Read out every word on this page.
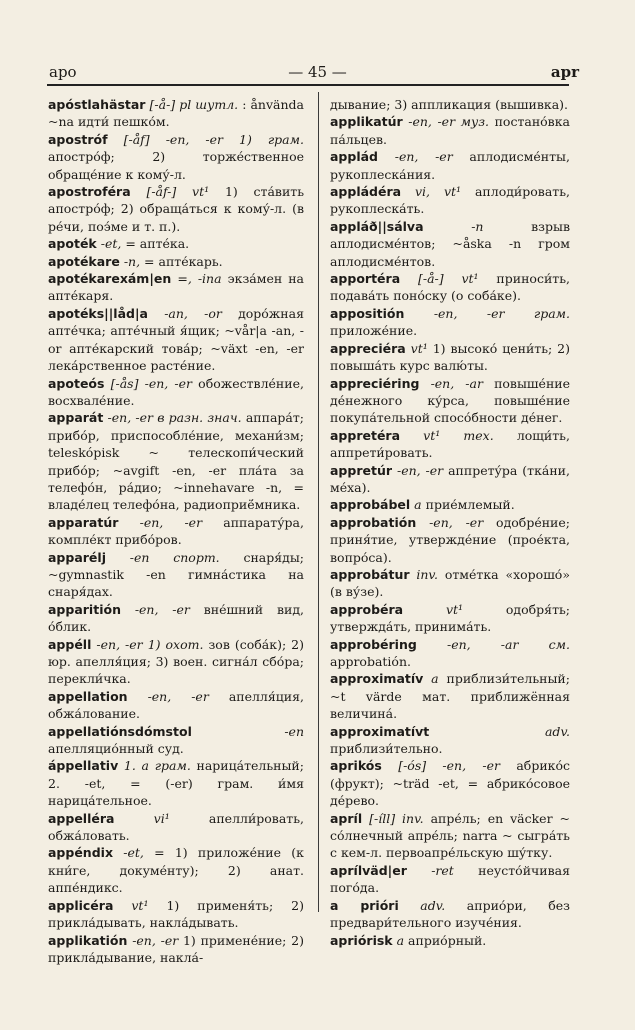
apo	— 45 —	apr

apóstlahästar [-å-] pl шутл. : ånvända ~na идти́ пешко́м.

apostróf [-åf] -en, -er 1) грам. апостро́ф; 2) торже́ственное обраще́ние к кому́-л.

apostroféra [-åf-] vt¹ 1) ста́вить апостро́ф; 2) обраща́ться к кому́-л. (в ре́чи, поэ́ме и т. п.).

apoték -et, = апте́ка.

apotékare -n, = апте́карь.

apotékarexám|en =, -ina экза́мен на апте́каря.

apotéks||låd|a -an, -or доро́жная апте́чка; апте́чный я́щик; ~vår|a -an, -or апте́карский това́р; ~växt -en, -er лека́рственное расте́ние.

apoteós [-ås] -en, -er обожествле́ние, восхвале́ние.

apparát -en, -er в разн. знач. аппара́т; прибо́р, приспособле́ние, механи́зм; teleskópisk ~ телескопи́ческий прибо́р; ~avgift -en, -er пла́та за телефо́н, ра́дио; ~innehavare -n, = владе́лец телефо́на, радиоприё́мника.

apparatúr -en, -er аппарату́ра, компле́кт прибо́ров.

apparélj -en спорт. снаря́ды; ~gymnastik -en гимна́стика на снаря́дах.

apparitión -en, -er вне́шний вид, о́блик.

appéll -en, -er 1) охот. зов (соба́к); 2) юр. апелля́ция; 3) воен. сигна́л сбо́ра; перекли́чка.

appellation -en, -er апелля́ция, обжа́лование.

appellatiónsdómstol	-en апелляцио́нный суд.

áppellativ 1. a грам. нарица́тельный; 2. -et, = (-er) грам. и́мя нарица́тельное.

appelléra	vi¹	апелли́ровать, обжа́ловать.

appéndix -et, = 1) приложе́ние (к кни́ге, докуме́нту); 2) анат. аппе́ндикс.

applicéra vt¹ 1) применя́ть; 2) прикла́дывать, накла́дывать.

applikatión -en, -er 1) примене́ние; 2) прикла́дывание, накла́-

дывание; 3) аппликация (вышивка).

applikatúr -en, -er муз. постано́вка па́льцев.

applád -en, -er аплодисме́нты, рукоплеска́ния.

appládéra vi, vt¹ аплоди́ровать, рукоплеска́ть.

appláð||sálva	-n	взрыв аплодисме́нтов; ~åska -n гром аплодисме́нтов.

apportéra [-å-] vt¹ приноси́ть, подава́ть поно́ску (о соба́ке).

appositión -en, -er грам. приложе́ние.

appreciéra vt¹ 1) высоко́ цени́ть; 2) повыша́ть курс валю́ты.

appreciéring -en, -ar повыше́ние де́нежного ку́рса, повыше́ние покупа́тельной спосо́бности де́нег.

appretéra vt¹ тех. лощи́ть, аппрети́ровать.

appretúr -en, -er аппрету́ра (тка́ни, ме́ха).

approbábel a прие́млемый.

approbatión -en, -er одобре́ние; приня́тие, утвержде́ние (прое́кта, вопро́са).

approbátur inv. отме́тка «хорошо́» (в ву́зе).

approbéra	vt¹	одобря́ть; утвержда́ть, принима́ть.

approbéring -en, -ar см. approbatión.

approximatív a приблизи́тельный; ~t värde мат. приближённая величина́.

approximatívt	adv. приблизи́тельно.

aprikós [-ós] -en, -er абрико́с (фрукт); ~träd -et, = абрико́совое де́рево.

apríl [-íll] inv. апре́ль; en väcker ~ со́лнечный апре́ль; narra ~ сыгра́ть с кем-л. первоапре́льскую шу́тку.

aprílväd|er -ret неусто́йчивая пого́да.

a prióri adv. априо́ри, без предвари́тельного изуче́ния.

apriórisk a априо́рный.
